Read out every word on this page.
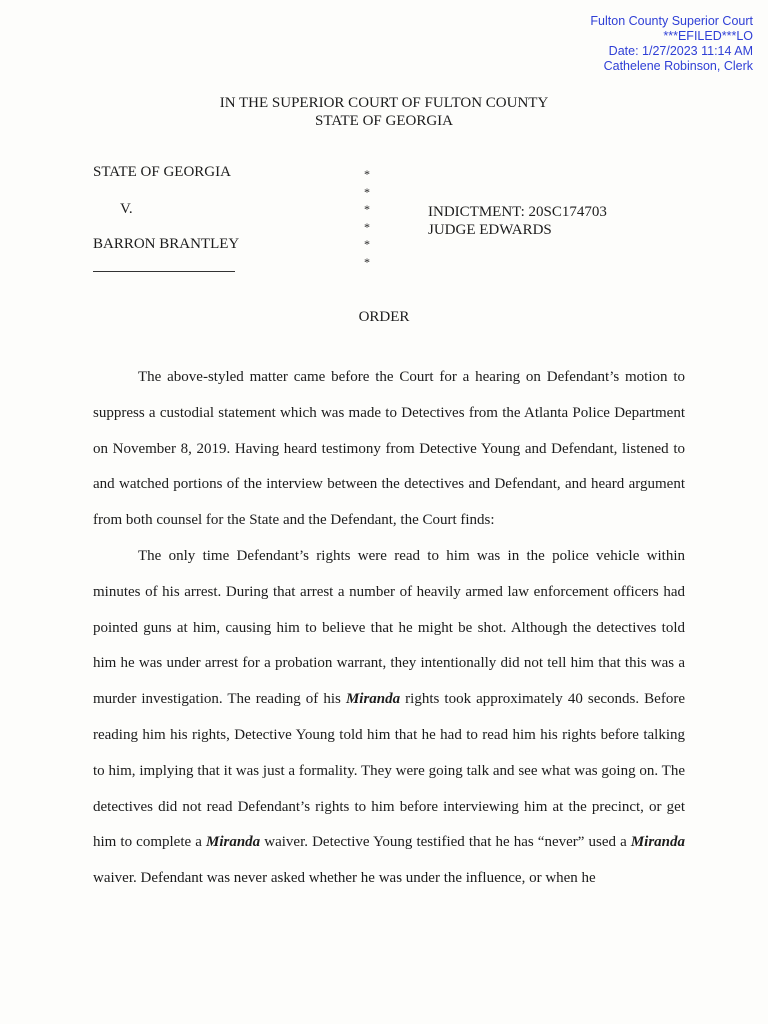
Fulton County Superior Court
***EFILED***LO
Date: 1/27/2023 11:14 AM
Cathelene Robinson, Clerk
IN THE SUPERIOR COURT OF FULTON COUNTY
STATE OF GEORGIA
STATE OF GEORGIA
V.
BARRON BRANTLEY
*
*
*
*
*
*
INDICTMENT: 20SC174703
JUDGE EDWARDS
ORDER

The above-styled matter came before the Court for a hearing on Defendant’s motion to suppress a custodial statement which was made to Detectives from the Atlanta Police Department on November 8, 2019. Having heard testimony from Detective Young and Defendant, listened to and watched portions of the interview between the detectives and Defendant, and heard argument from both counsel for the State and the Defendant, the Court finds:

The only time Defendant’s rights were read to him was in the police vehicle within minutes of his arrest. During that arrest a number of heavily armed law enforcement officers had pointed guns at him, causing him to believe that he might be shot. Although the detectives told him he was under arrest for a probation warrant, they intentionally did not tell him that this was a murder investigation. The reading of his Miranda rights took approximately 40 seconds. Before reading him his rights, Detective Young told him that he had to read him his rights before talking to him, implying that it was just a formality. They were going talk and see what was going on. The detectives did not read Defendant’s rights to him before interviewing him at the precinct, or get him to complete a Miranda waiver. Detective Young testified that he has “never” used a Miranda waiver. Defendant was never asked whether he was under the influence, or when he
